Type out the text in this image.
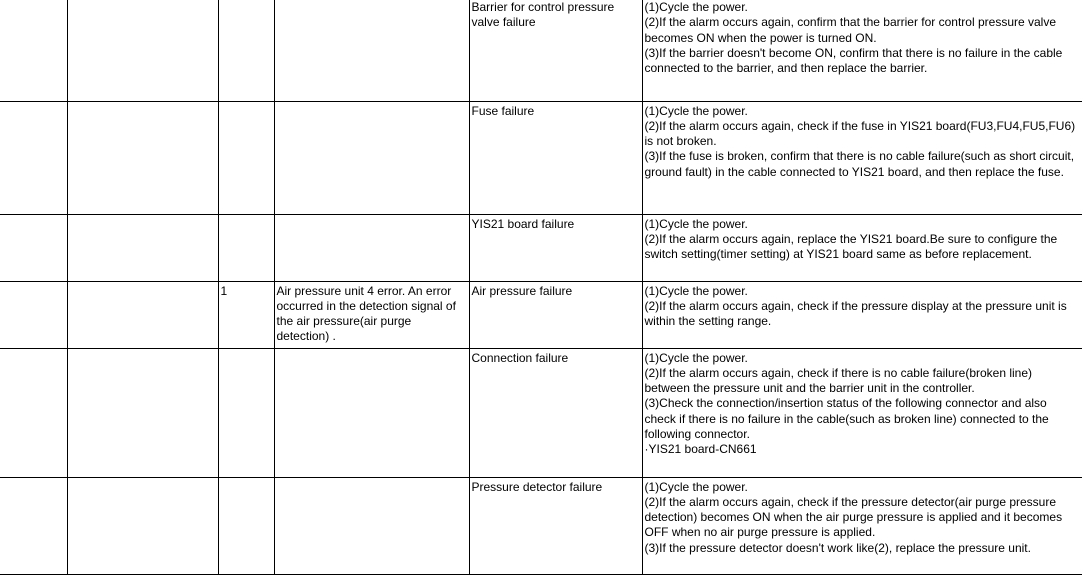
				Barrier for control pressure valve failure	(1)Cycle the power.
(2)If the alarm occurs again, confirm that the barrier for control pressure valve becomes ON when the power is turned ON.
(3)If the barrier doesn't become ON, confirm that there is no failure in the cable connected to the barrier, and then replace the barrier.

				Fuse failure	(1)Cycle the power.
(2)If the alarm occurs again, check if the fuse in YIS21 board(FU3,FU4,FU5,FU6) is not broken.
(3)If the fuse is broken, confirm that there is no cable failure(such as short circuit, ground fault) in the cable connected to YIS21 board, and then replace the fuse.

				YIS21 board failure	(1)Cycle the power.
(2)If the alarm occurs again, replace the YIS21 board.Be sure to configure the switch setting(timer setting) at YIS21 board same as before replacement.

		1	Air pressure unit 4 error. An error occurred in the detection signal of the air pressure(air purge detection) .	Air pressure failure	(1)Cycle the power.
(2)If the alarm occurs again, check if the pressure display at the pressure unit is within the setting range.

				Connection failure	(1)Cycle the power.
(2)If the alarm occurs again, check if there is no cable failure(broken line) between the pressure unit and the barrier unit in the controller.
(3)Check the connection/insertion status of the following connector and also check if there is no failure in the cable(such as broken line) connected to the following connector.
·YIS21 board-CN661

				Pressure detector failure	(1)Cycle the power.
(2)If the alarm occurs again, check if the pressure detector(air purge pressure detection) becomes ON when the air purge pressure is applied and it becomes OFF when no air purge pressure is applied.
(3)If the pressure detector doesn't work like(2), replace the pressure unit.
